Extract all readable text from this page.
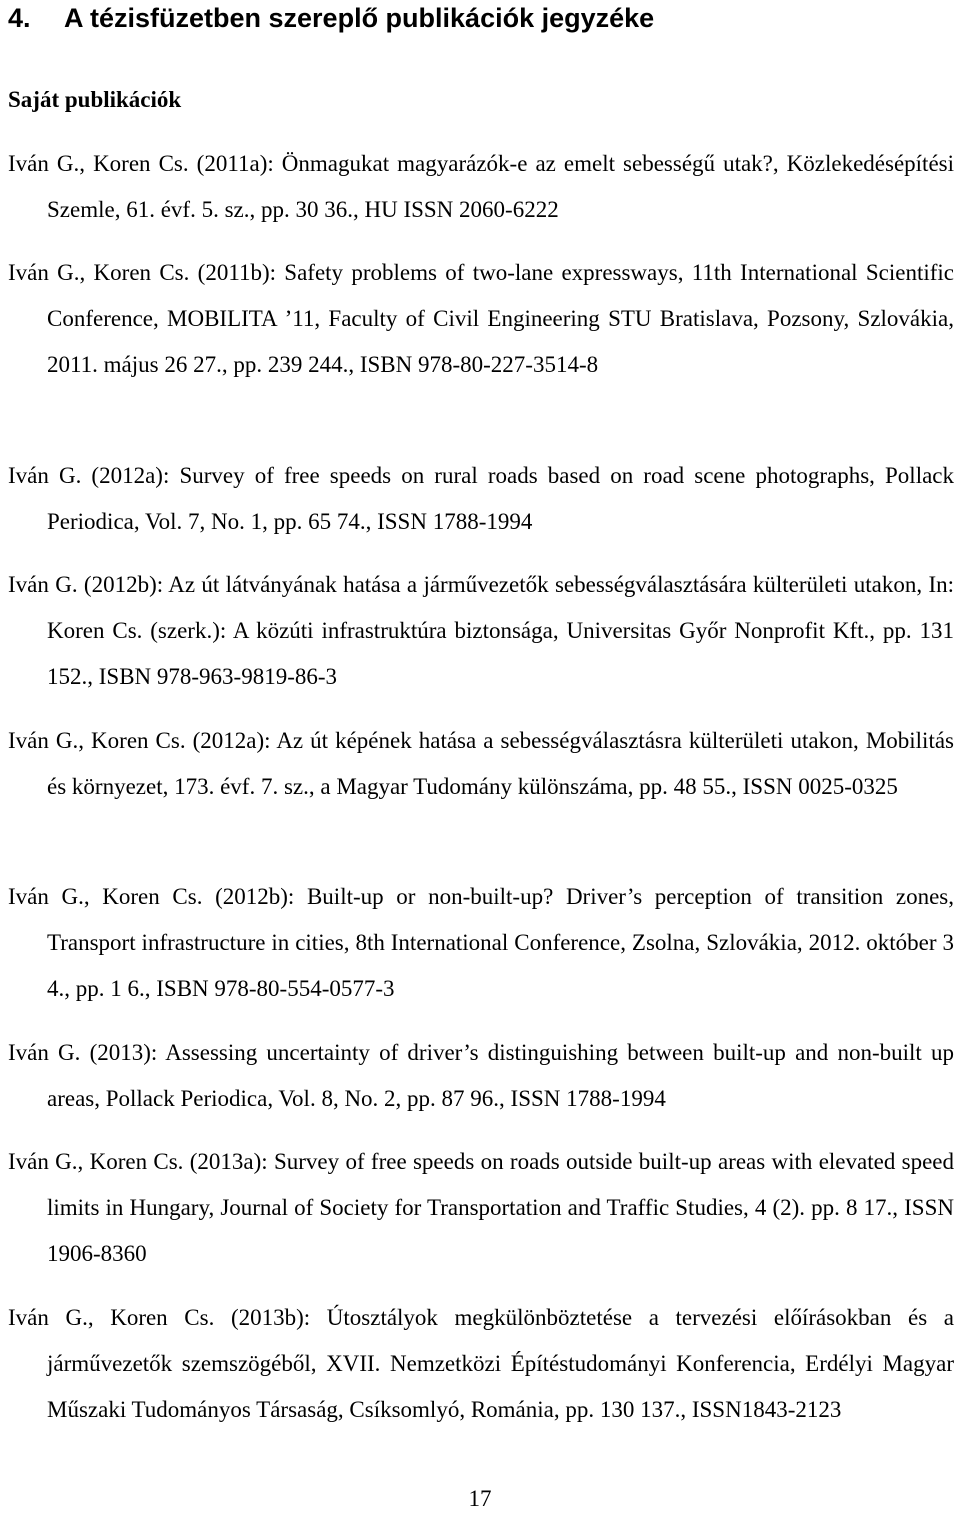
4. A tézisfüzetben szereplő publikációk jegyzéke
Saját publikációk

Iván G., Koren Cs. (2011a): Önmagukat magyarázók-e az emelt sebességű utak?, Közlekedésépítési Szemle, 61. évf. 5. sz., pp. 30 36., HU ISSN 2060-6222

Iván G., Koren Cs. (2011b): Safety problems of two-lane expressways, 11th International Scientific Conference, MOBILITA ’11, Faculty of Civil Engineering STU Bratislava, Pozsony, Szlovákia, 2011. május 26 27., pp. 239 244., ISBN 978-80-227-3514-8

Iván G. (2012a): Survey of free speeds on rural roads based on road scene photographs, Pollack Periodica, Vol. 7, No. 1, pp. 65 74., ISSN 1788-1994

Iván G. (2012b): Az út látványának hatása a járművezetők sebességválasztására külterületi utakon, In: Koren Cs. (szerk.): A közúti infrastruktúra biztonsága, Universitas Győr Nonprofit Kft., pp. 131 152., ISBN 978-963-9819-86-3

Iván G., Koren Cs. (2012a): Az út képének hatása a sebességválasztásra külterületi utakon, Mobilitás és környezet, 173. évf. 7. sz., a Magyar Tudomány különszáma, pp. 48 55., ISSN 0025-0325

Iván G., Koren Cs. (2012b): Built-up or non-built-up? Driver’s perception of transition zones, Transport infrastructure in cities, 8th International Conference, Zsolna, Szlovákia, 2012. október 3 4., pp. 1 6., ISBN 978-80-554-0577-3

Iván G. (2013): Assessing uncertainty of driver’s distinguishing between built-up and non-built up areas, Pollack Periodica, Vol. 8, No. 2, pp. 87 96., ISSN 1788-1994

Iván G., Koren Cs. (2013a): Survey of free speeds on roads outside built-up areas with elevated speed limits in Hungary, Journal of Society for Transportation and Traffic Studies, 4 (2). pp. 8 17., ISSN 1906-8360

Iván G., Koren Cs. (2013b): Útosztályok megkülönböztetése a tervezési előírásokban és a járművezetők szemszögéből, XVII. Nemzetközi Építéstudományi Konferencia, Erdélyi Magyar Műszaki Tudományos Társaság, Csíksomlyó, Románia, pp. 130 137., ISSN1843-2123

17
